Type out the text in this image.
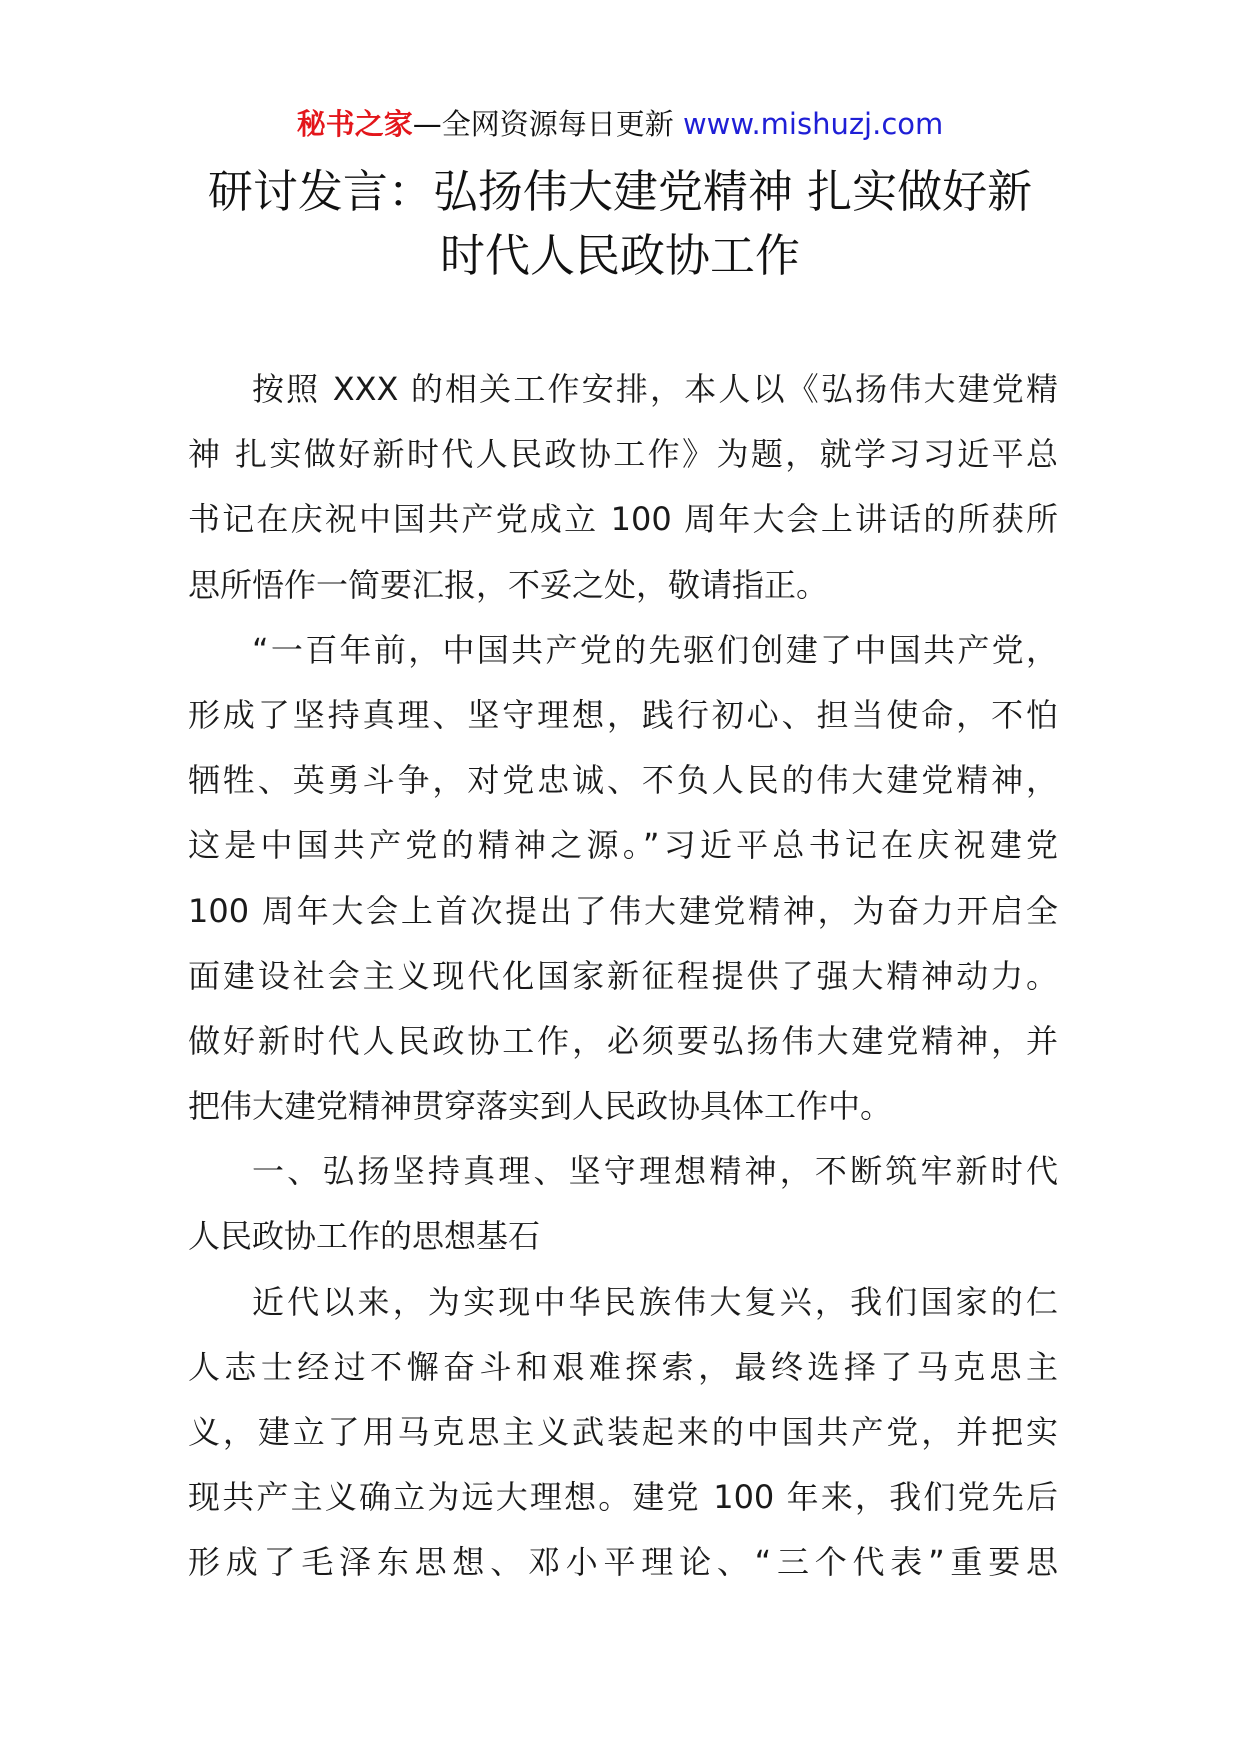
秘书之家—全网资源每日更新 www.mishuzj.com
研讨发言：弘扬伟大建党精神 扎实做好新
时代人民政协工作
按照 XXX 的相关工作安排，本人以《弘扬伟大建党精
神 扎实做好新时代人民政协工作》为题，就学习习近平总
书记在庆祝中国共产党成立 100 周年大会上讲话的所获所
思所悟作一简要汇报，不妥之处，敬请指正。
“一百年前，中国共产党的先驱们创建了中国共产党，
形成了坚持真理、坚守理想，践行初心、担当使命，不怕
牺牲、英勇斗争，对党忠诚、不负人民的伟大建党精神，
这是中国共产党的精神之源。”习近平总书记在庆祝建党
100 周年大会上首次提出了伟大建党精神，为奋力开启全
面建设社会主义现代化国家新征程提供了强大精神动力。
做好新时代人民政协工作，必须要弘扬伟大建党精神，并
把伟大建党精神贯穿落实到人民政协具体工作中。
一、弘扬坚持真理、坚守理想精神，不断筑牢新时代
人民政协工作的思想基石
近代以来，为实现中华民族伟大复兴，我们国家的仁
人志士经过不懈奋斗和艰难探索，最终选择了马克思主
义，建立了用马克思主义武装起来的中国共产党，并把实
现共产主义确立为远大理想。建党 100 年来，我们党先后
形成了毛泽东思想、邓小平理论、“三个代表”重要思
